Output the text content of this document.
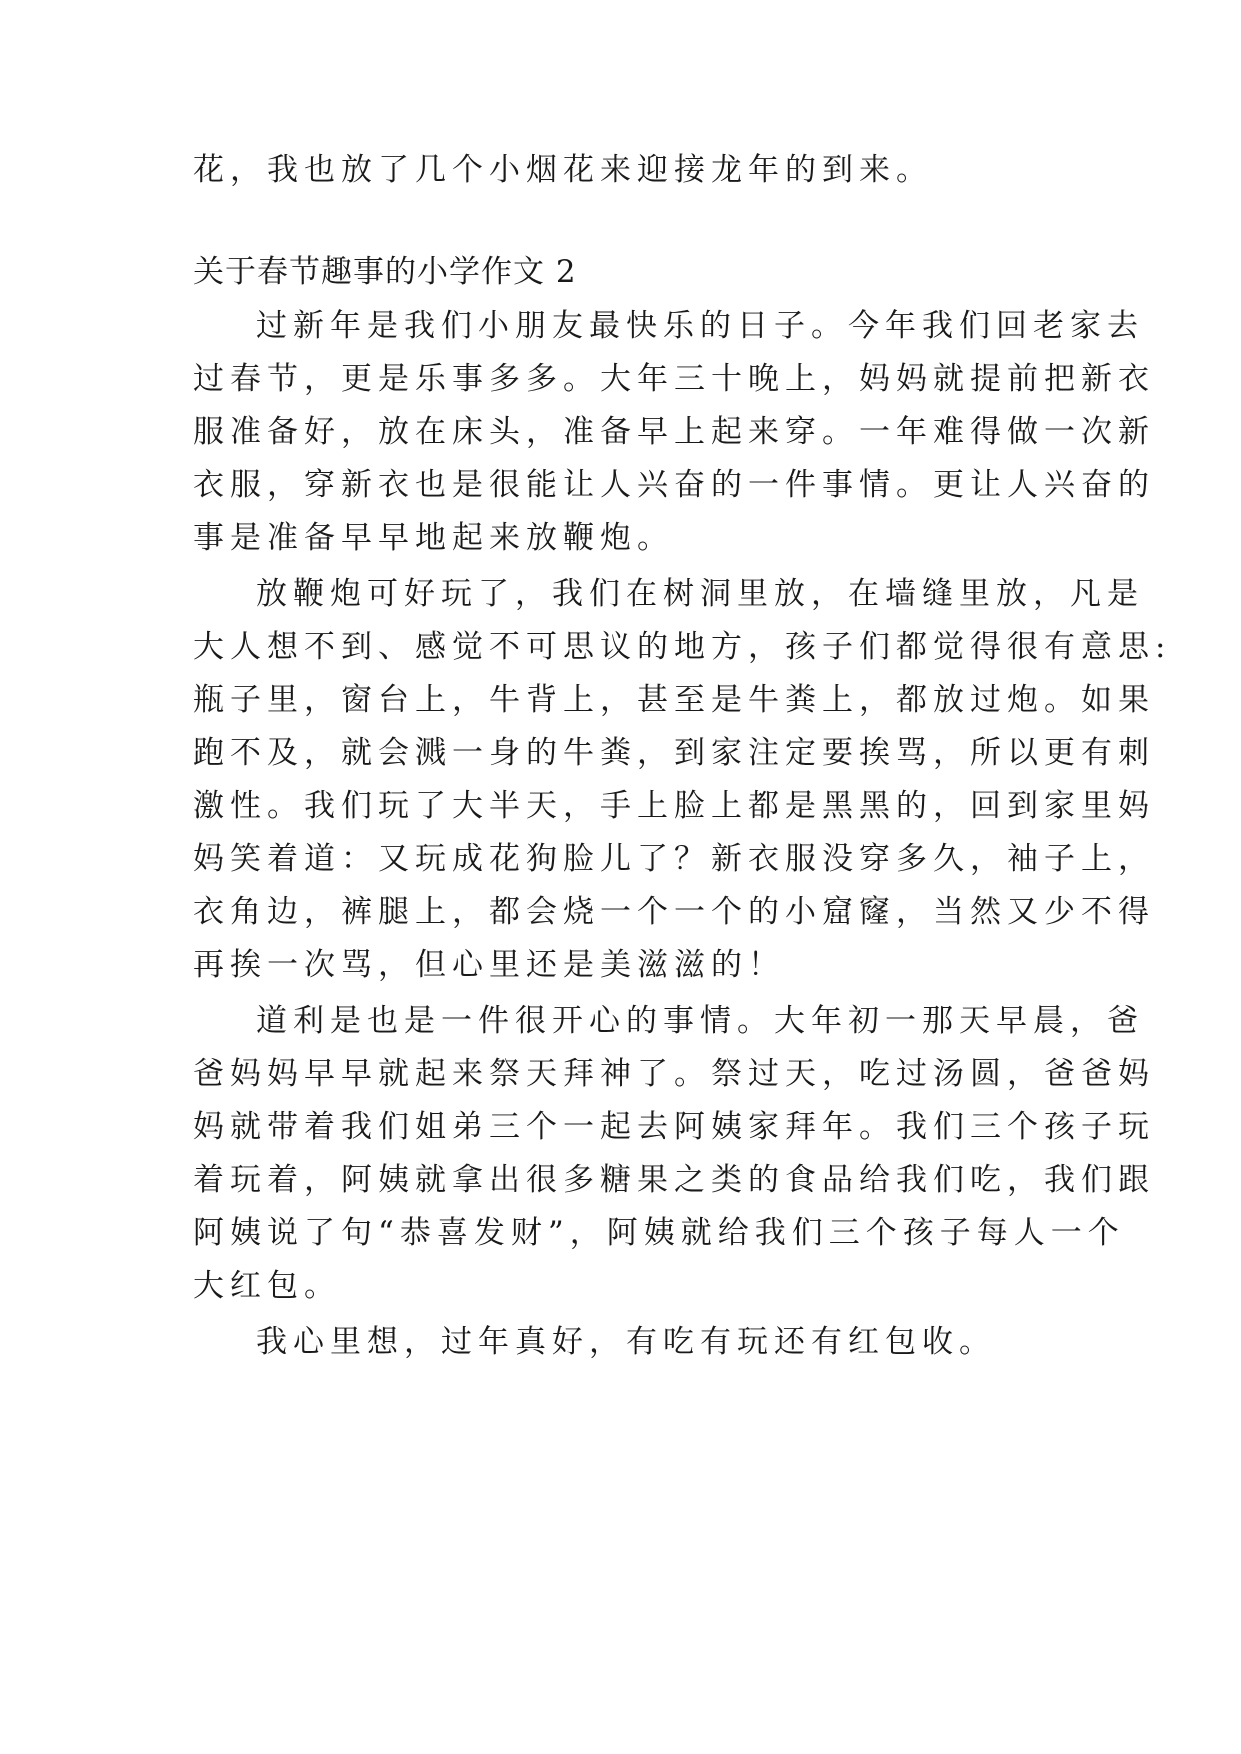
花，我也放了几个小烟花来迎接龙年的到来。
关于春节趣事的小学作文 2
过新年是我们小朋友最快乐的日子。今年我们回老家去
过春节，更是乐事多多。大年三十晚上，妈妈就提前把新衣
服准备好，放在床头，准备早上起来穿。一年难得做一次新
衣服，穿新衣也是很能让人兴奋的一件事情。更让人兴奋的
事是准备早早地起来放鞭炮。
放鞭炮可好玩了，我们在树洞里放，在墙缝里放，凡是
大人想不到、感觉不可思议的地方，孩子们都觉得很有意思:
瓶子里，窗台上，牛背上，甚至是牛粪上，都放过炮。如果
跑不及，就会溅一身的牛粪，到家注定要挨骂，所以更有刺
激性。我们玩了大半天，手上脸上都是黑黑的，回到家里妈
妈笑着道：又玩成花狗脸儿了？新衣服没穿多久，袖子上，
衣角边，裤腿上，都会烧一个一个的小窟窿，当然又少不得
再挨一次骂，但心里还是美滋滋的！
道利是也是一件很开心的事情。大年初一那天早晨，爸
爸妈妈早早就起来祭天拜神了。祭过天，吃过汤圆，爸爸妈
妈就带着我们姐弟三个一起去阿姨家拜年。我们三个孩子玩
着玩着，阿姨就拿出很多糖果之类的食品给我们吃，我们跟
阿姨说了句“恭喜发财”，阿姨就给我们三个孩子每人一个
大红包。
我心里想，过年真好，有吃有玩还有红包收。
